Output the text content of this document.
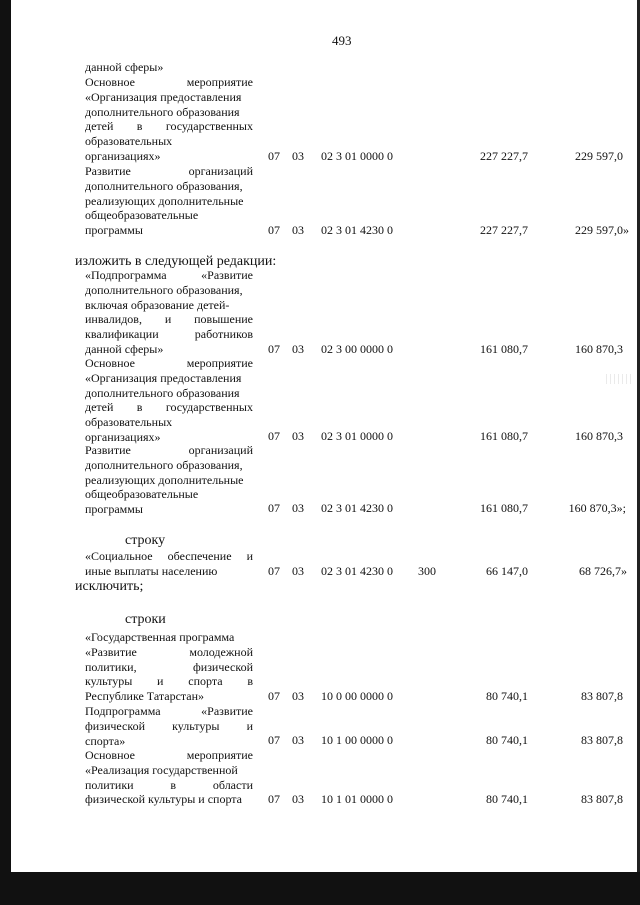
493
данной сферы»
Основное мероприятие
«Организация предоставления
дополнительного образования
детей в государственных
образовательных
организациях»	07 03 02 3 01 0000 0	227 227,7	229 597,0
Развитие организаций
дополнительного образования,
реализующих дополнительные
общеобразовательные
программы	07 03 02 3 01 4230 0	227 227,7	229 597,0»
изложить в следующей редакции:
«Подпрограмма «Развитие
дополнительного образования,
включая образование детей-
инвалидов, и повышение
квалификации работников
данной сферы»	07 03 02 3 00 0000 0	161 080,7	160 870,3
Основное мероприятие
«Организация предоставления
дополнительного образования
детей в государственных
образовательных
организациях»	07 03 02 3 01 0000 0	161 080,7	160 870,3
Развитие организаций
дополнительного образования,
реализующих дополнительные
общеобразовательные
программы	07 03 02 3 01 4230 0	161 080,7	160 870,3»;
строку
«Социальное обеспечение и
иные выплаты населению	07 03 02 3 01 4230 0 300	66 147,0	68 726,7»
исключить;
строки
«Государственная программа
«Развитие молодежной
политики, физической
культуры и спорта в
Республике Татарстан»	07 03 10 0 00 0000 0	80 740,1	83 807,8
Подпрограмма «Развитие
физической культуры и
спорта»	07 03 10 1 00 0000 0	80 740,1	83 807,8
Основное мероприятие
«Реализация государственной
политики в области
физической культуры и спорта	07 03 10 1 01 0000 0	80 740,1	83 807,8
